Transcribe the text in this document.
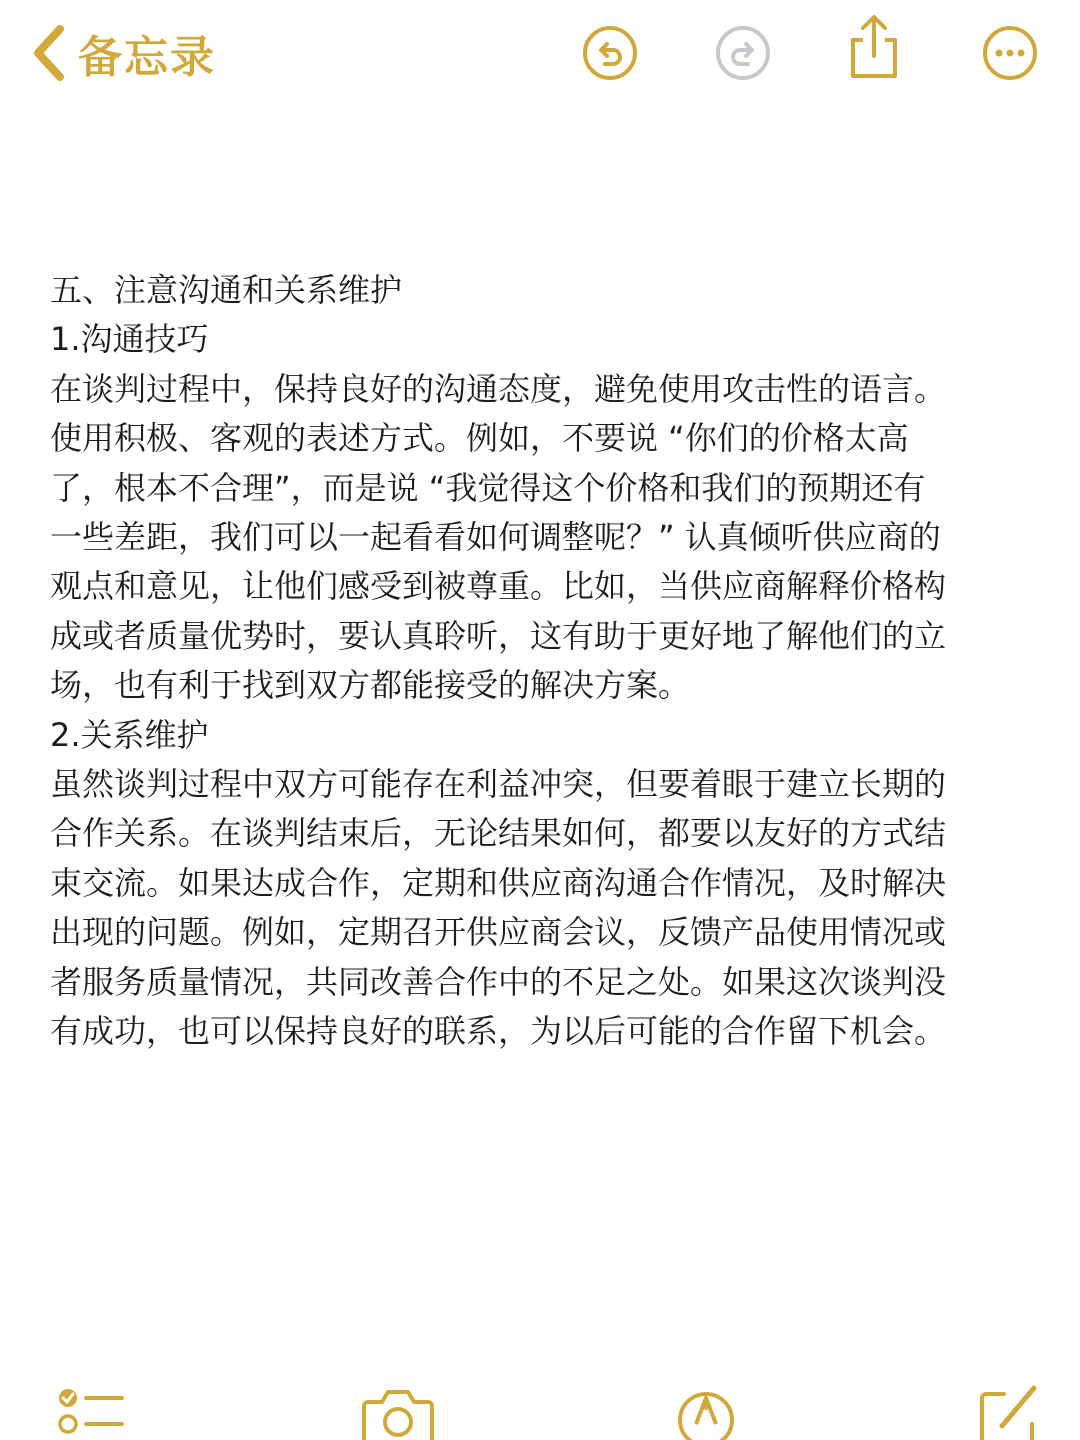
备忘录
五、注意沟通和关系维护
1.沟通技巧
在谈判过程中，保持良好的沟通态度，避免使用攻击性的语言。
使用积极、客观的表述方式。例如，不要说 “你们的价格太高
了，根本不合理”，而是说 “我觉得这个价格和我们的预期还有
一些差距，我们可以一起看看如何调整呢？” 认真倾听供应商的
观点和意见，让他们感受到被尊重。比如，当供应商解释价格构
成或者质量优势时，要认真聆听，这有助于更好地了解他们的立
场，也有利于找到双方都能接受的解决方案。
2.关系维护
虽然谈判过程中双方可能存在利益冲突，但要着眼于建立长期的
合作关系。在谈判结束后，无论结果如何，都要以友好的方式结
束交流。如果达成合作，定期和供应商沟通合作情况，及时解决
出现的问题。例如，定期召开供应商会议，反馈产品使用情况或
者服务质量情况，共同改善合作中的不足之处。如果这次谈判没
有成功，也可以保持良好的联系，为以后可能的合作留下机会。
